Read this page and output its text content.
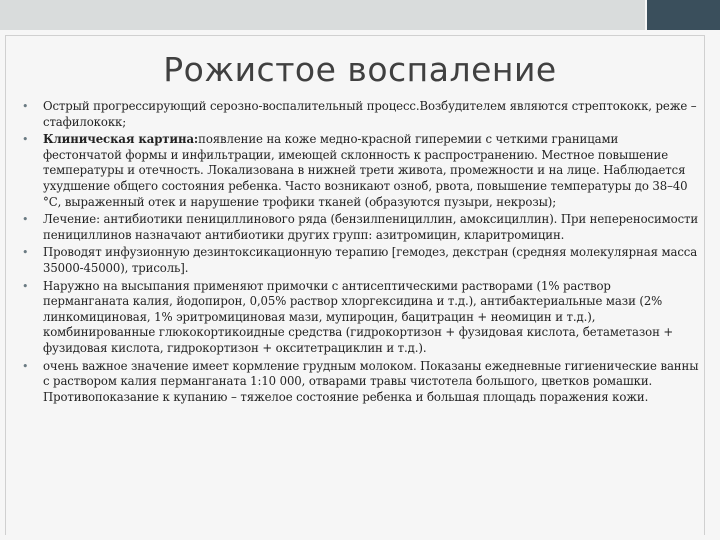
Рожистое воспаление
• Острый прогрессирующий серозно-воспалительный процесс.Возбудителем являются стрептококк, реже – стафилококк;
• Клиническая картина:появление на коже медно-красной гиперемии с четкими границами фестончатой формы и инфильтрации, имеющей склонность к распространению. Местное повышение температуры и отечность. Локализована в нижней трети живота, промежности и на лице. Наблюдается ухудшение общего состояния ребенка. Часто возникают озноб, рвота, повышение температуры до 38–40 °С, выраженный отек и нарушение трофики тканей (образуются пузыри, некрозы);
• Лечение: антибиотики пенициллинового ряда (бензилпенициллин, амоксициллин). При непереносимости пенициллинов назначают антибиотики других групп: азитромицин, кларитромицин.
• Проводят инфузионную дезинтоксикационную терапию [гемодез, декстран (средняя молекулярная масса 35000-45000), трисоль].
• Наружно на высыпания применяют примочки с антисептическими растворами (1% раствор перманганата калия, йодопирон, 0,05% раствор хлоргексидина и т.д.), антибактериальные мази (2% линкомициновая, 1% эритромициновая мази, мупироцин, бацитрацин + неомицин и т.д.), комбинированные глюкокортикоидные средства (гидрокортизон + фузидовая кислота, бетаметазон + фузидовая кислота, гидрокортизон + окситетрациклин и т.д.).
• очень важное значение имеет кормление грудным молоком. Показаны ежедневные гигиенические ванны с раствором калия перманганата 1:10 000, отварами травы чистотела большого, цветков ромашки. Противопоказание к купанию – тяжелое состояние ребенка и большая площадь поражения кожи.
